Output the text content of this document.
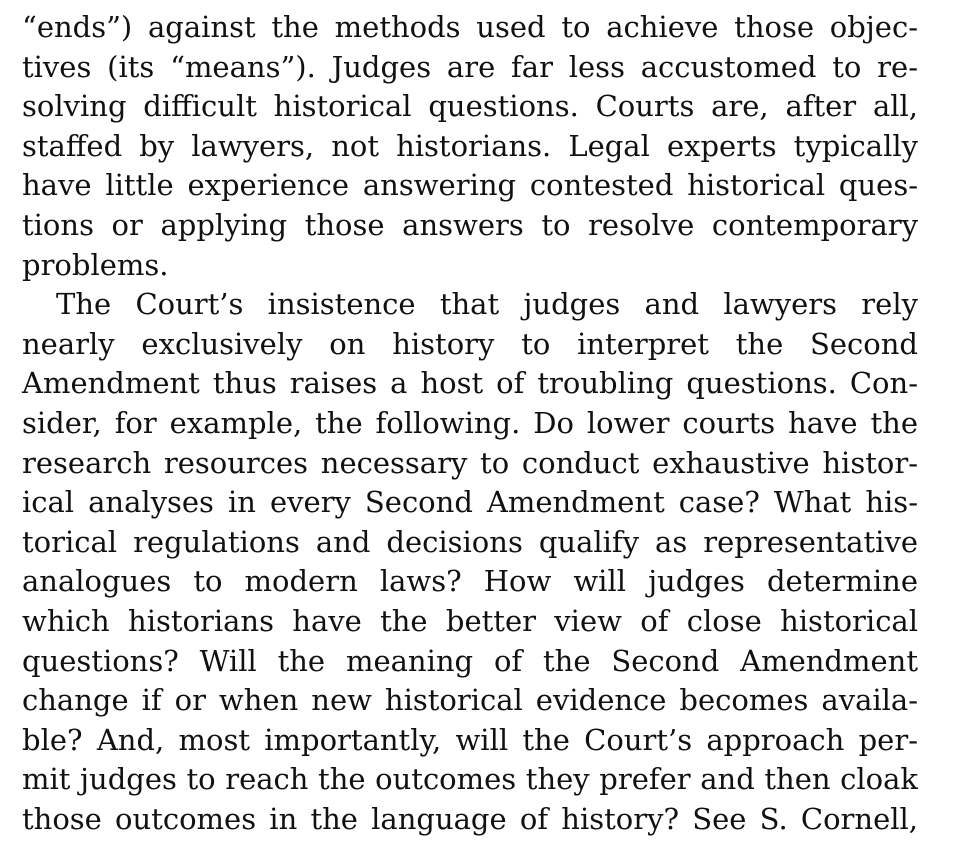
“ends”) against the methods used to achieve those objec-
tives (its “means”). Judges are far less accustomed to re-
solving difficult historical questions. Courts are, after all,
staffed by lawyers, not historians. Legal experts typically
have little experience answering contested historical ques-
tions or applying those answers to resolve contemporary
problems.
The Court’s insistence that judges and lawyers rely
nearly exclusively on history to interpret the Second
Amendment thus raises a host of troubling questions. Con-
sider, for example, the following. Do lower courts have the
research resources necessary to conduct exhaustive histor-
ical analyses in every Second Amendment case? What his-
torical regulations and decisions qualify as representative
analogues to modern laws? How will judges determine
which historians have the better view of close historical
questions? Will the meaning of the Second Amendment
change if or when new historical evidence becomes availa-
ble? And, most importantly, will the Court’s approach per-
mit judges to reach the outcomes they prefer and then cloak
those outcomes in the language of history? See S. Cornell,
